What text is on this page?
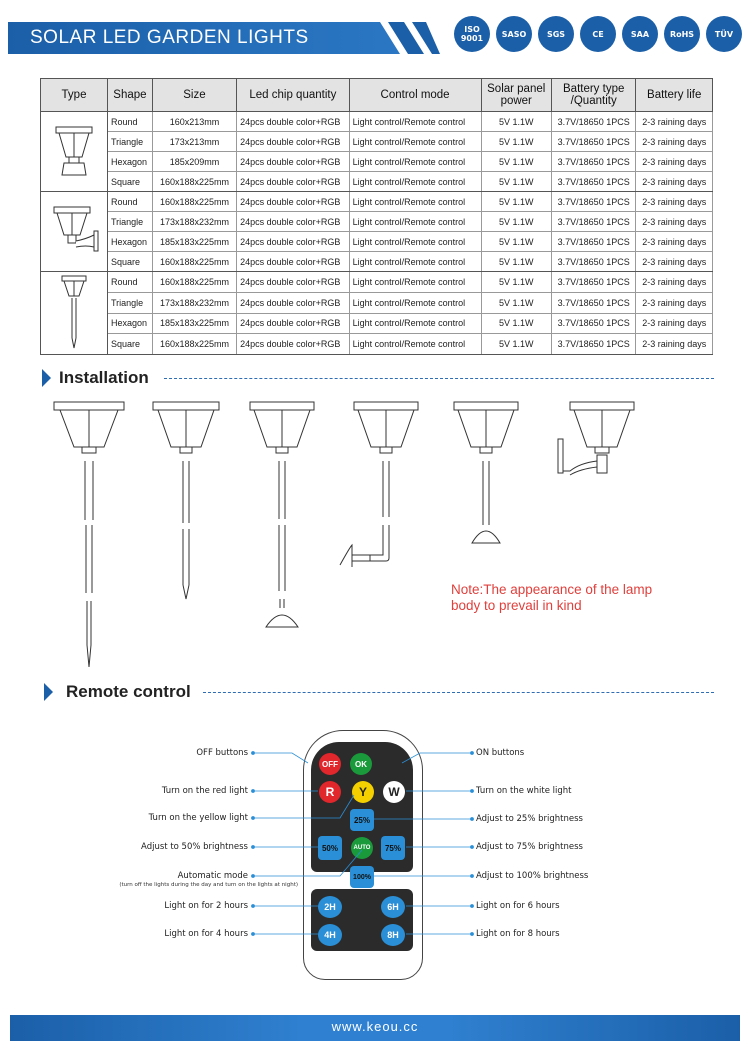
SOLAR LED GARDEN LIGHTS	ISO 9001	SASO	SGS	CE	SAA	RoHS	TÜV
Type	Shape	Size	Led chip quantity	Control mode	Solar panel power	Battery type /Quantity	Battery life
	Round	160x213mm	24pcs double color+RGB	Light control/Remote control	5V 1.1W	3.7V/18650 1PCS	2-3 raining days
	Triangle	173x213mm	24pcs double color+RGB	Light control/Remote control	5V 1.1W	3.7V/18650 1PCS	2-3 raining days
	Hexagon	185x209mm	24pcs double color+RGB	Light control/Remote control	5V 1.1W	3.7V/18650 1PCS	2-3 raining days
	Square	160x188x225mm	24pcs double color+RGB	Light control/Remote control	5V 1.1W	3.7V/18650 1PCS	2-3 raining days
	Round	160x188x225mm	24pcs double color+RGB	Light control/Remote control	5V 1.1W	3.7V/18650 1PCS	2-3 raining days
	Triangle	173x188x232mm	24pcs double color+RGB	Light control/Remote control	5V 1.1W	3.7V/18650 1PCS	2-3 raining days
	Hexagon	185x183x225mm	24pcs double color+RGB	Light control/Remote control	5V 1.1W	3.7V/18650 1PCS	2-3 raining days
	Square	160x188x225mm	24pcs double color+RGB	Light control/Remote control	5V 1.1W	3.7V/18650 1PCS	2-3 raining days
	Round	160x188x225mm	24pcs double color+RGB	Light control/Remote control	5V 1.1W	3.7V/18650 1PCS	2-3 raining days
	Triangle	173x188x232mm	24pcs double color+RGB	Light control/Remote control	5V 1.1W	3.7V/18650 1PCS	2-3 raining days
	Hexagon	185x183x225mm	24pcs double color+RGB	Light control/Remote control	5V 1.1W	3.7V/18650 1PCS	2-3 raining days
	Square	160x188x225mm	24pcs double color+RGB	Light control/Remote control	5V 1.1W	3.7V/18650 1PCS	2-3 raining days
Installation
Note:The appearance of the lamp body to prevail in kind
Remote control
OFF	OK
R	Y	W
25%
50%	AUTO	75%
100%
2H	6H
4H	8H
OFF buttons
Turn on the red light
Turn on the yellow light
Adjust to 50% brightness
Automatic mode
(turn off the lights during the day and turn on the lights at night)
Light on for 2 hours
Light on for 4 hours
ON buttons
Turn on the white light
Adjust to 25% brightness
Adjust to 75% brightness
Adjust to 100% brightness
Light on for 6 hours
Light on for 8 hours
www.keou.cc
